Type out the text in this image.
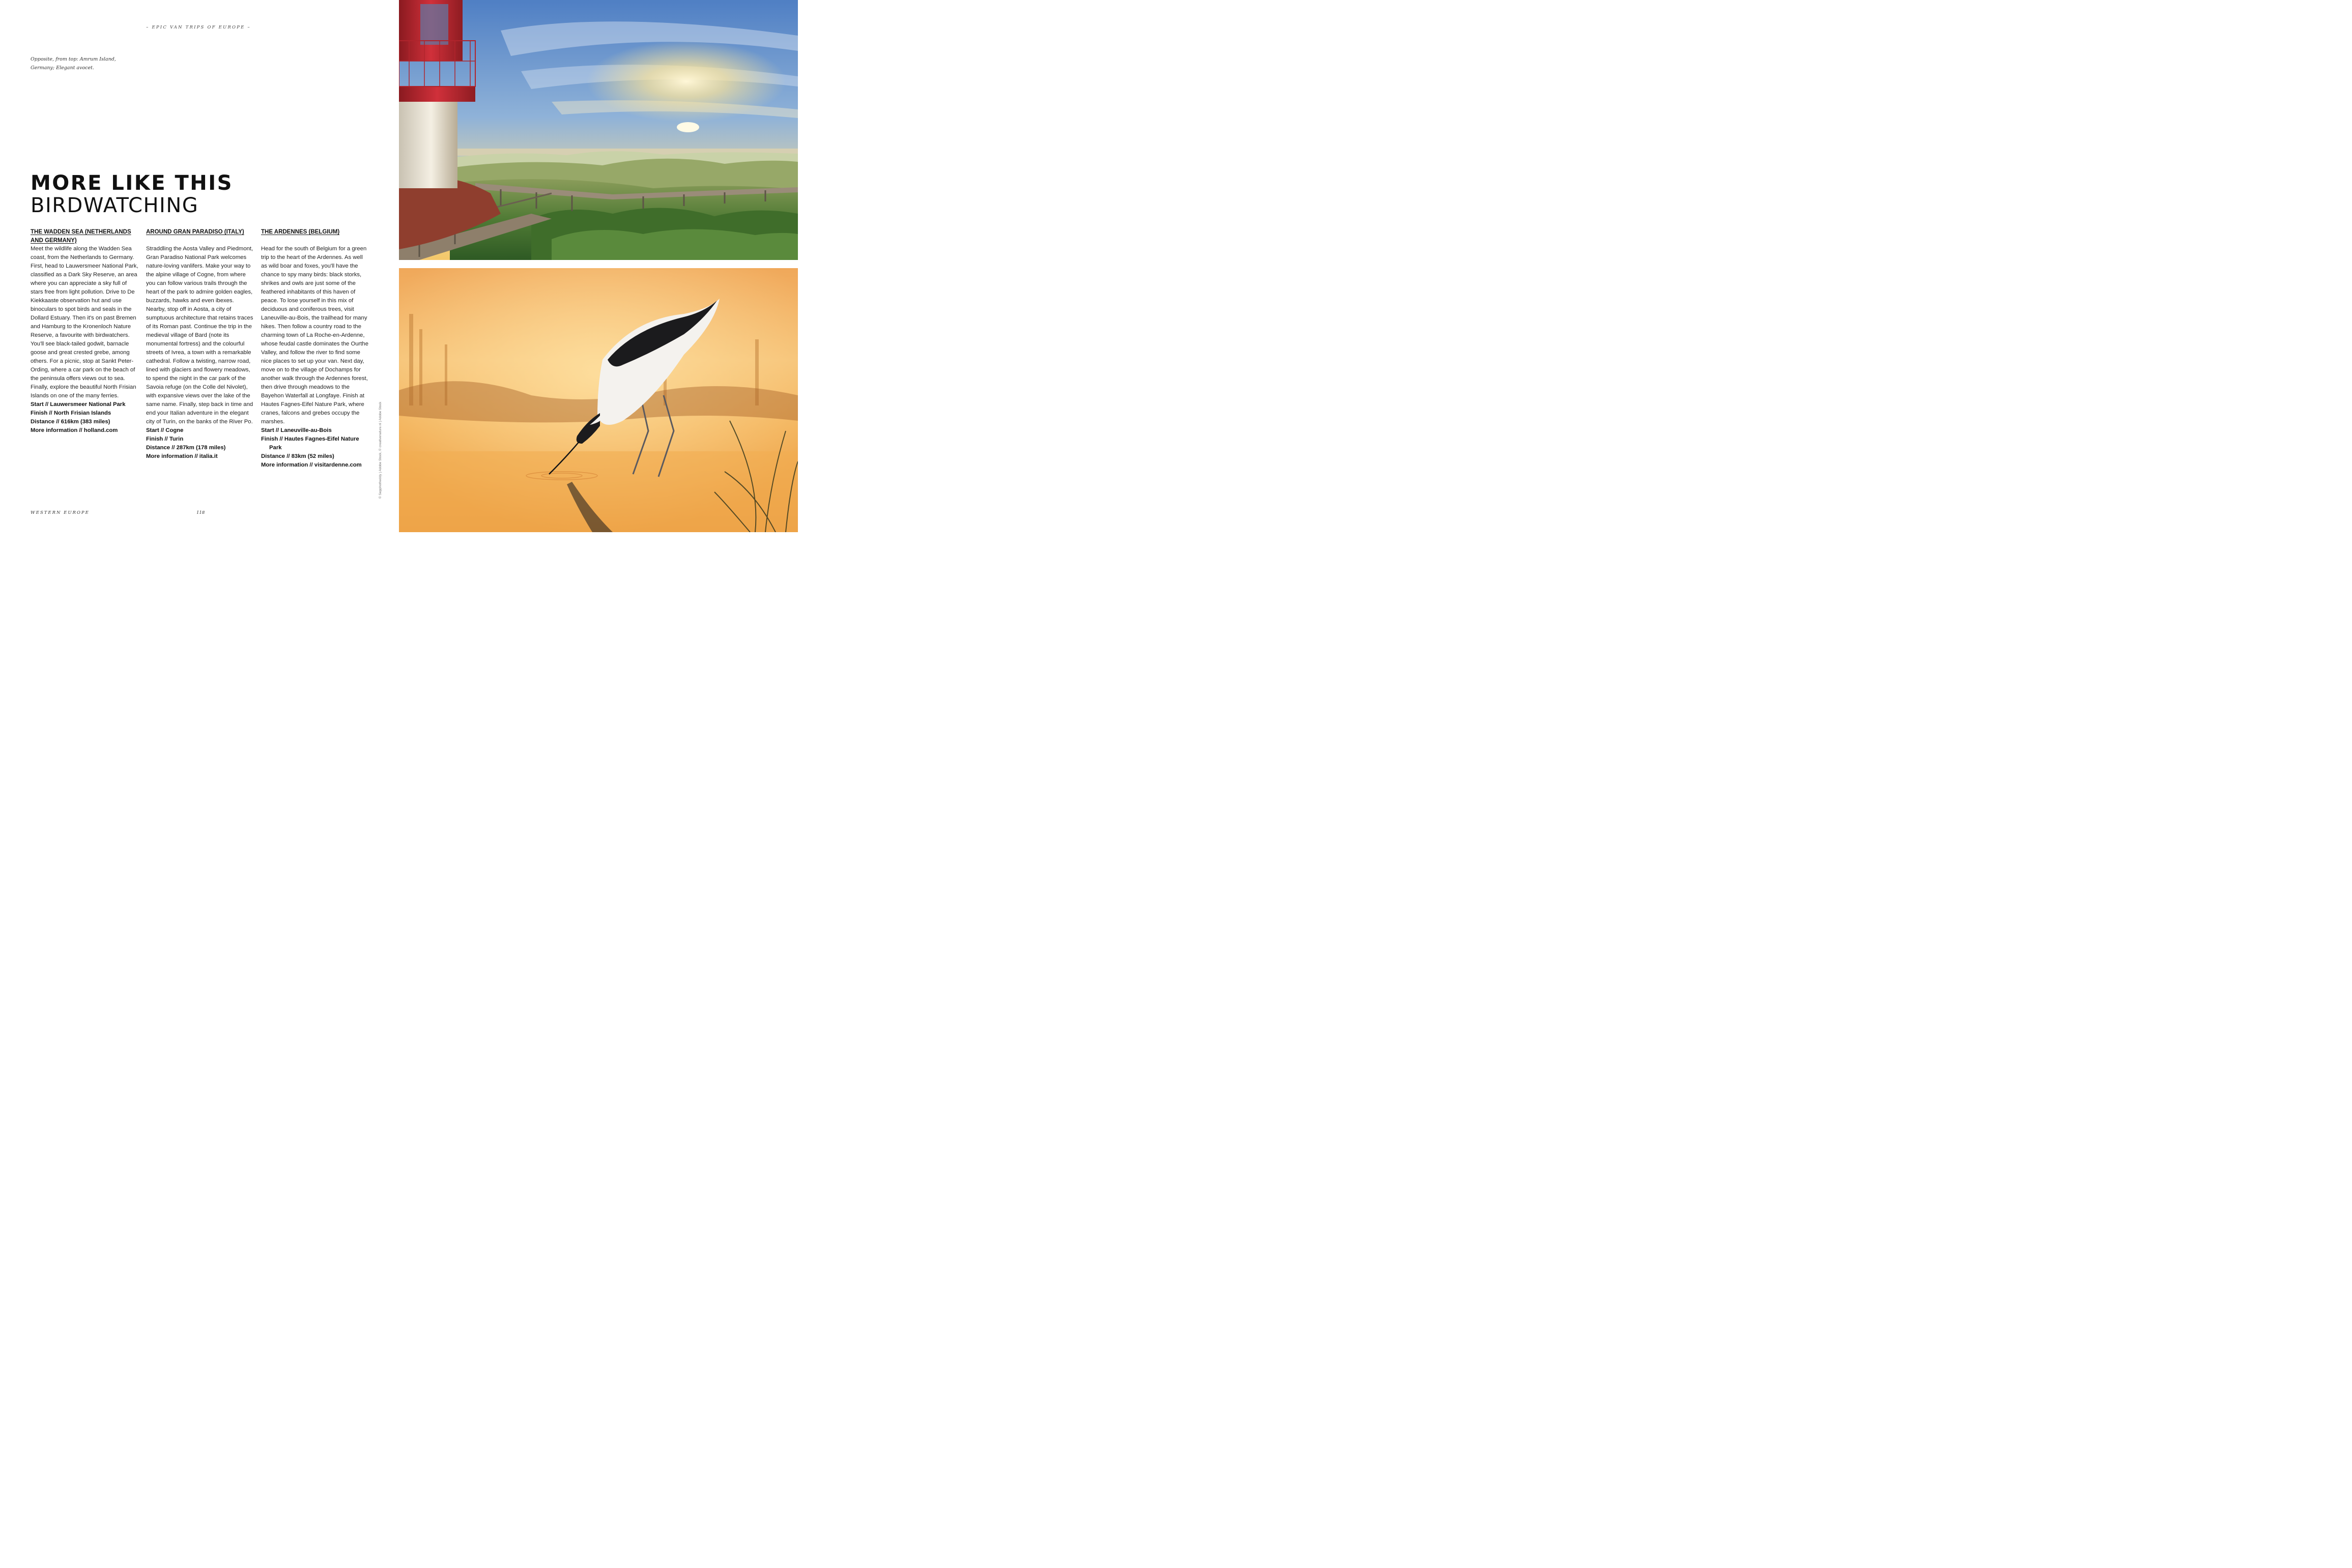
– EPIC VAN TRIPS OF EUROPE –
Opposite, from top: Amrum Island, Germany; Elegant avocet.
MORE LIKE THIS
BIRDWATCHING
THE WADDEN SEA (NETHERLANDS AND GERMANY)
Meet the wildlife along the Wadden Sea coast, from the Netherlands to Germany. First, head to Lauwersmeer National Park, classified as a Dark Sky Reserve, an area where you can appreciate a sky full of stars free from light pollution. Drive to De Kiekkaaste observation hut and use binoculars to spot birds and seals in the Dollard Estuary. Then it's on past Bremen and Hamburg to the Kronenloch Nature Reserve, a favourite with birdwatchers. You'll see black-tailed godwit, barnacle goose and great crested grebe, among others. For a picnic, stop at Sankt Peter-Ording, where a car park on the beach of the peninsula offers views out to sea. Finally, explore the beautiful North Frisian Islands on one of the many ferries.
Start // Lauwersmeer National Park
Finish // North Frisian Islands
Distance // 616km (383 miles)
More information // holland.com
AROUND GRAN PARADISO (ITALY)
Straddling the Aosta Valley and Piedmont, Gran Paradiso National Park welcomes nature-loving vanlifers. Make your way to the alpine village of Cogne, from where you can follow various trails through the heart of the park to admire golden eagles, buzzards, hawks and even ibexes. Nearby, stop off in Aosta, a city of sumptuous architecture that retains traces of its Roman past. Continue the trip in the medieval village of Bard (note its monumental fortress) and the colourful streets of Ivrea, a town with a remarkable cathedral. Follow a twisting, narrow road, lined with glaciers and flowery meadows, to spend the night in the car park of the Savoia refuge (on the Colle del Nivolet), with expansive views over the lake of the same name. Finally, step back in time and end your Italian adventure in the elegant city of Turin, on the banks of the River Po.
Start // Cogne
Finish // Turin
Distance // 287km (178 miles)
More information // italia.it
THE ARDENNES (BELGIUM)
Head for the south of Belgium for a green trip to the heart of the Ardennes. As well as wild boar and foxes, you'll have the chance to spy many birds: black storks, shrikes and owls are just some of the feathered inhabitants of this haven of peace. To lose yourself in this mix of deciduous and coniferous trees, visit Laneuville-au-Bois, the trailhead for many hikes. Then follow a country road to the charming town of La Roche-en-Ardenne, whose feudal castle dominates the Ourthe Valley, and follow the river to find some nice places to set up your van. Next day, move on to the village of Dochamps for another walk through the Ardennes forest, then drive through meadows to the Bayehon Waterfall at Longfaye. Finish at Hautes Fagnes-Eifel Nature Park, where cranes, falcons and grebes occupy the marshes.
Start // Laneuville-au-Bois
Finish // Hautes Fagnes-Eifel Nature Park
Distance // 83km (52 miles)
More information // visitardenne.com
WESTERN EUROPE	118
© Sepphotheddy | Adobe Stock, © creativenature.nl | Adobe Stock
